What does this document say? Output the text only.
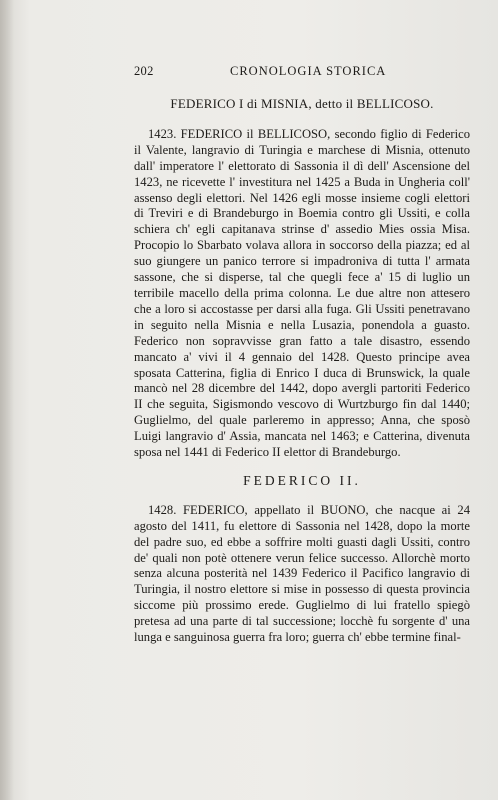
202	CRONOLOGIA STORICA
FEDERICO I di MISNIA, detto il BELLICOSO.

1423. FEDERICO il BELLICOSO, secondo figlio di Federico il Valente, langravio di Turingia e marchese di Misnia, ottenuto dall' imperatore l' elettorato di Sassonia il dì dell' Ascensione del 1423, ne ricevette l' investitura nel 1425 a Buda in Ungheria coll' assenso degli elettori. Nel 1426 egli mosse insieme cogli elettori di Treviri e di Brandeburgo in Boemia contro gli Ussiti, e colla schiera ch' egli capitanava strinse d' assedio Mies ossia Misa. Procopio lo Sbarbato volava allora in soccorso della piazza; ed al suo giungere un panico terrore si impadroniva di tutta l' armata sassone, che si disperse, tal che quegli fece a' 15 di luglio un terribile macello della prima colonna. Le due altre non attesero che a loro si accostasse per darsi alla fuga. Gli Ussiti penetravano in seguito nella Misnia e nella Lusazia, ponendola a guasto. Federico non sopravvisse gran fatto a tale disastro, essendo mancato a' vivi il 4 gennaio del 1428. Questo principe avea sposata Catterina, figlia di Enrico I duca di Brunswick, la quale mancò nel 28 dicembre del 1442, dopo avergli partoriti Federico II che seguita, Sigismondo vescovo di Wurtzburgo fin dal 1440; Guglielmo, del quale parleremo in appresso; Anna, che sposò Luigi langravio d' Assia, mancata nel 1463; e Catterina, divenuta sposa nel 1441 di Federico II elettor di Brandeburgo.

FEDERICO II.

1428. FEDERICO, appellato il BUONO, che nacque ai 24 agosto del 1411, fu elettore di Sassonia nel 1428, dopo la morte del padre suo, ed ebbe a soffrire molti guasti dagli Ussiti, contro de' quali non potè ottenere verun felice successo. Allorchè morto senza alcuna posterità nel 1439 Federico il Pacifico langravio di Turingia, il nostro elettore si mise in possesso di questa provincia siccome più prossimo erede. Guglielmo di lui fratello spiegò pretesa ad una parte di tal successione; locchè fu sorgente d' una lunga e sanguinosa guerra fra loro; guerra ch' ebbe termine final-
